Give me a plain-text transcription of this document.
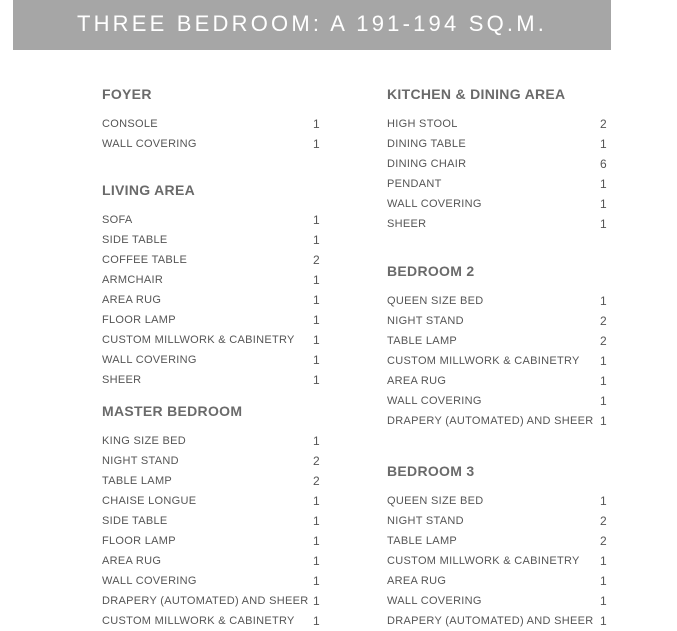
THREE BEDROOM: A 191-194 SQ.M.
FOYER
CONSOLE	1
WALL COVERING	1
LIVING AREA
SOFA	1
SIDE TABLE	1
COFFEE TABLE	2
ARMCHAIR	1
AREA RUG	1
FLOOR LAMP	1
CUSTOM MILLWORK & CABINETRY 1
WALL COVERING	1
SHEER	1
MASTER BEDROOM
KING SIZE BED	1
NIGHT STAND	2
TABLE LAMP	2
CHAISE LONGUE	1
SIDE TABLE	1
FLOOR LAMP	1
AREA RUG	1
WALL COVERING	1
DRAPERY (AUTOMATED) AND SHEER 1
CUSTOM MILLWORK & CABINETRY 1
KITCHEN & DINING AREA
HIGH STOOL	2
DINING TABLE	1
DINING CHAIR	6
PENDANT	1
WALL COVERING	1
SHEER	1
BEDROOM 2
QUEEN SIZE BED	1
NIGHT STAND	2
TABLE LAMP	2
CUSTOM MILLWORK & CABINETRY 1
AREA RUG	1
WALL COVERING	1
DRAPERY (AUTOMATED) AND SHEER 1
BEDROOM 3
QUEEN SIZE BED	1
NIGHT STAND	2
TABLE LAMP	2
CUSTOM MILLWORK & CABINETRY 1
AREA RUG	1
WALL COVERING	1
DRAPERY (AUTOMATED) AND SHEER 1
